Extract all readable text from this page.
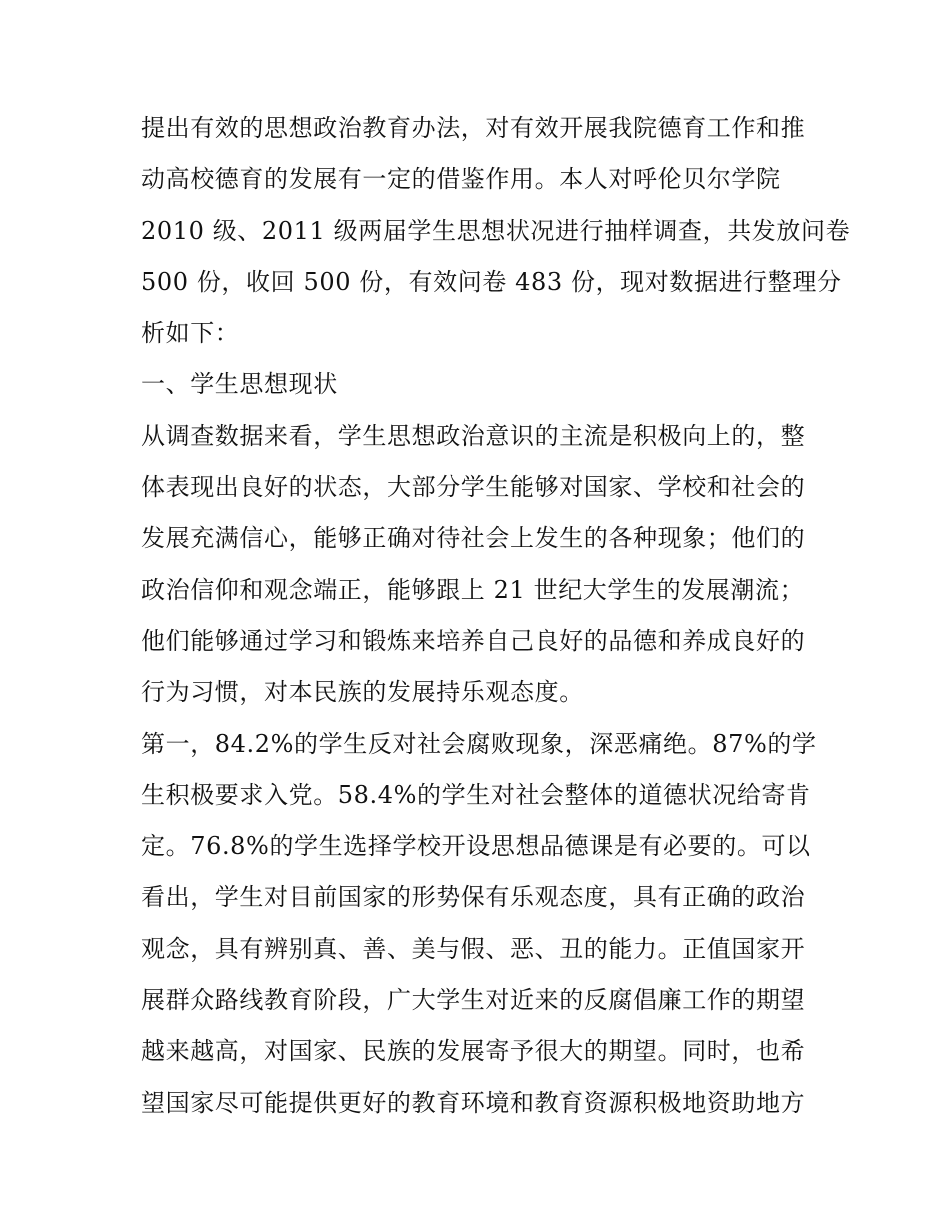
提出有效的思想政治教育办法，对有效开展我院德育工作和推
动高校德育的发展有一定的借鉴作用。本人对呼伦贝尔学院
2010 级、2011 级两届学生思想状况进行抽样调查，共发放问卷
500 份，收回 500 份，有效问卷 483 份，现对数据进行整理分
析如下：
一、学生思想现状
从调查数据来看，学生思想政治意识的主流是积极向上的，整
体表现出良好的状态，大部分学生能够对国家、学校和社会的
发展充满信心，能够正确对待社会上发生的各种现象；他们的
政治信仰和观念端正，能够跟上 21 世纪大学生的发展潮流；
他们能够通过学习和锻炼来培养自己良好的品德和养成良好的
行为习惯，对本民族的发展持乐观态度。
第一，84.2%的学生反对社会腐败现象，深恶痛绝。87%的学
生积极要求入党。58.4%的学生对社会整体的道德状况给寄肯
定。76.8%的学生选择学校开设思想品德课是有必要的。可以
看出，学生对目前国家的形势保有乐观态度，具有正确的政治
观念，具有辨别真、善、美与假、恶、丑的能力。正值国家开
展群众路线教育阶段，广大学生对近来的反腐倡廉工作的期望
越来越高，对国家、民族的发展寄予很大的期望。同时，也希
望国家尽可能提供更好的教育环境和教育资源积极地资助地方
